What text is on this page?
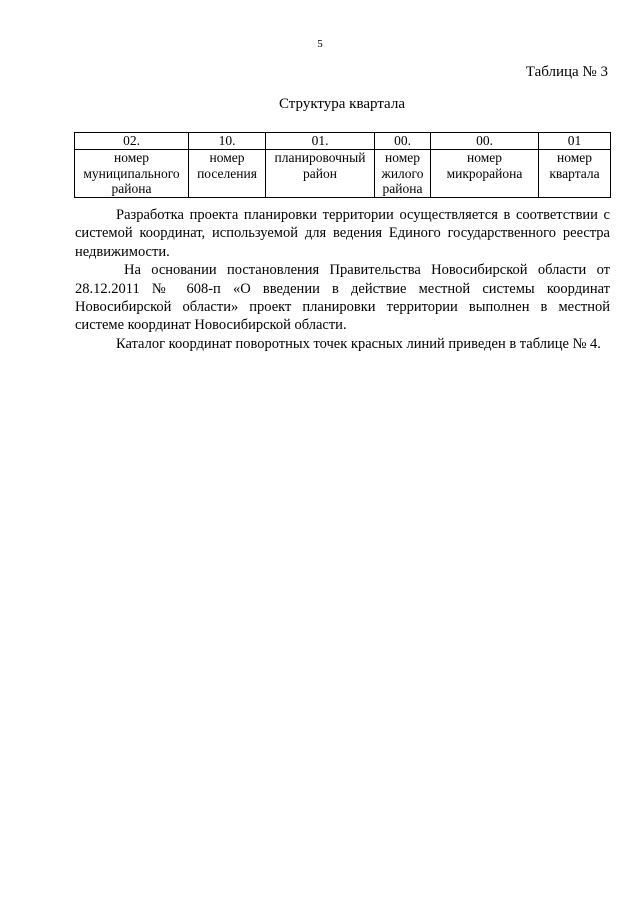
5
Таблица № 3
Структура квартала
02.	10.	01.	00.	00.	01
номер муниципального района	номер поселения	планировочный район	номер жилого района	номер микрорайона	номер квартала

Разработка проекта планировки территории осуществляется в соответствии с системой координат, используемой для ведения Единого государственного реестра недвижимости.

На основании постановления Правительства Новосибирской области от 28.12.2011 № 608-п «О введении в действие местной системы координат Новосибирской области» проект планировки территории выполнен в местной системе координат Новосибирской области.

Каталог координат поворотных точек красных линий приведен в таблице № 4.
